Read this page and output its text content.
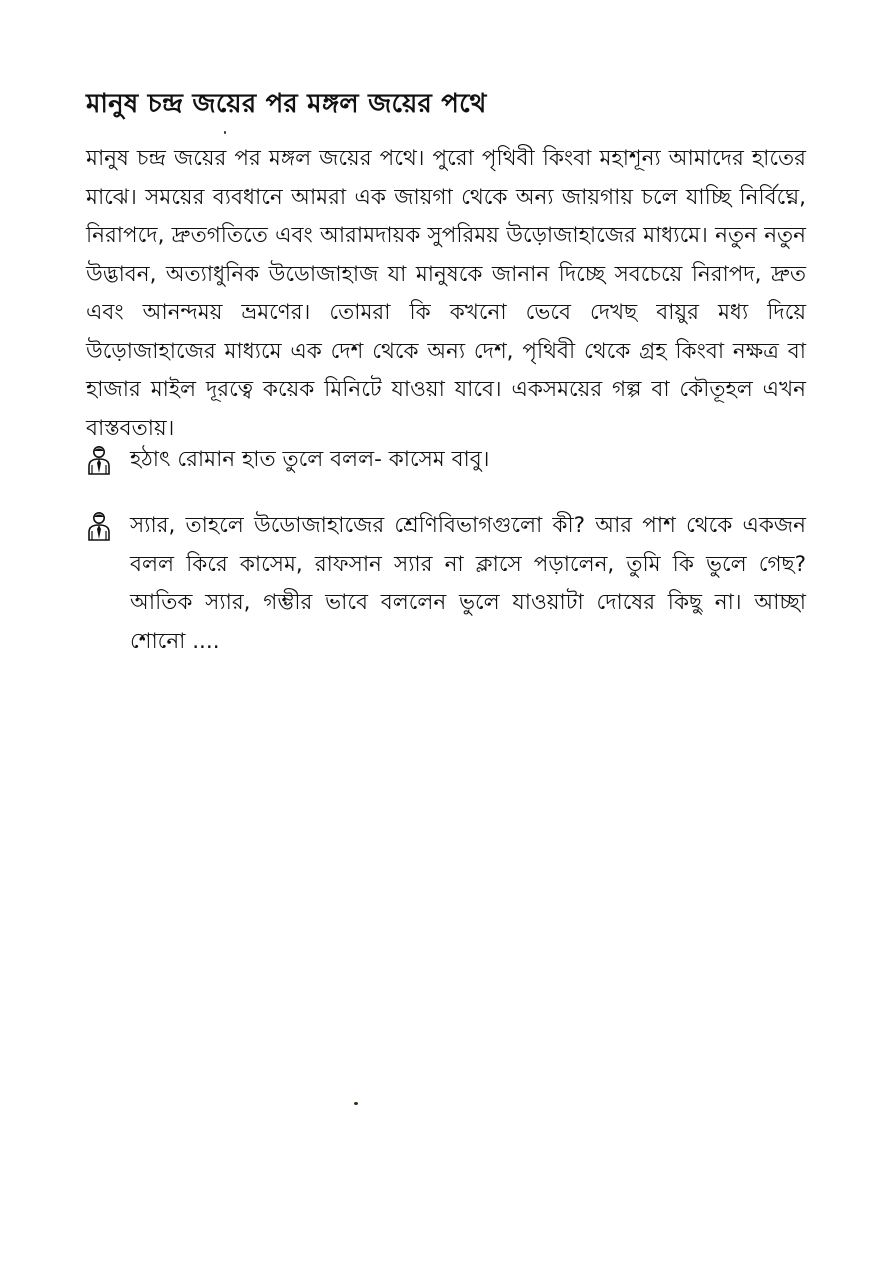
মানুষ চন্দ্র জয়ের পর মঙ্গল জয়ের পথে

মানুষ চন্দ্র জয়ের পর মঙ্গল জয়ের পথে। পুরো পৃথিবী কিংবা মহাশূন্য আমাদের হাতের মাঝে। সময়ের ব্যবধানে আমরা এক জায়গা থেকে অন্য জায়গায় চলে যাচ্ছি নির্বিঘ্নে, নিরাপদে, দ্রুতগতিতে এবং আরামদায়ক সুপরিময় উড়োজাহাজের মাধ্যমে। নতুন নতুন উদ্ভাবন, অত্যাধুনিক উডোজাহাজ যা মানুষকে জানান দিচ্ছে সবচেয়ে নিরাপদ, দ্রুত এবং আনন্দময় ভ্রমণের। তোমরা কি কখনো ভেবে দেখছ বায়ুর মধ্য দিয়ে উড়োজাহাজের মাধ্যমে এক দেশ থেকে অন্য দেশ, পৃথিবী থেকে গ্রহ কিংবা নক্ষত্র বা হাজার মাইল দূরত্বে কয়েক মিনিটে যাওয়া যাবে। একসময়ের গল্প বা কৌতূহল এখন বাস্তবতায়।

হঠাৎ রোমান হাত তুলে বলল- কাসেম বাবু।

স্যার, তাহলে উডোজাহাজের শ্রেণিবিভাগগুলো কী? আর পাশ থেকে একজন বলল কিরে কাসেম, রাফসান স্যার না ক্লাসে পড়ালেন, তুমি কি ভুলে গেছ? আতিক স্যার, গম্ভীর ভাবে বললেন ভুলে যাওয়াটা দোষের কিছু না। আচ্ছা শোনো ....
